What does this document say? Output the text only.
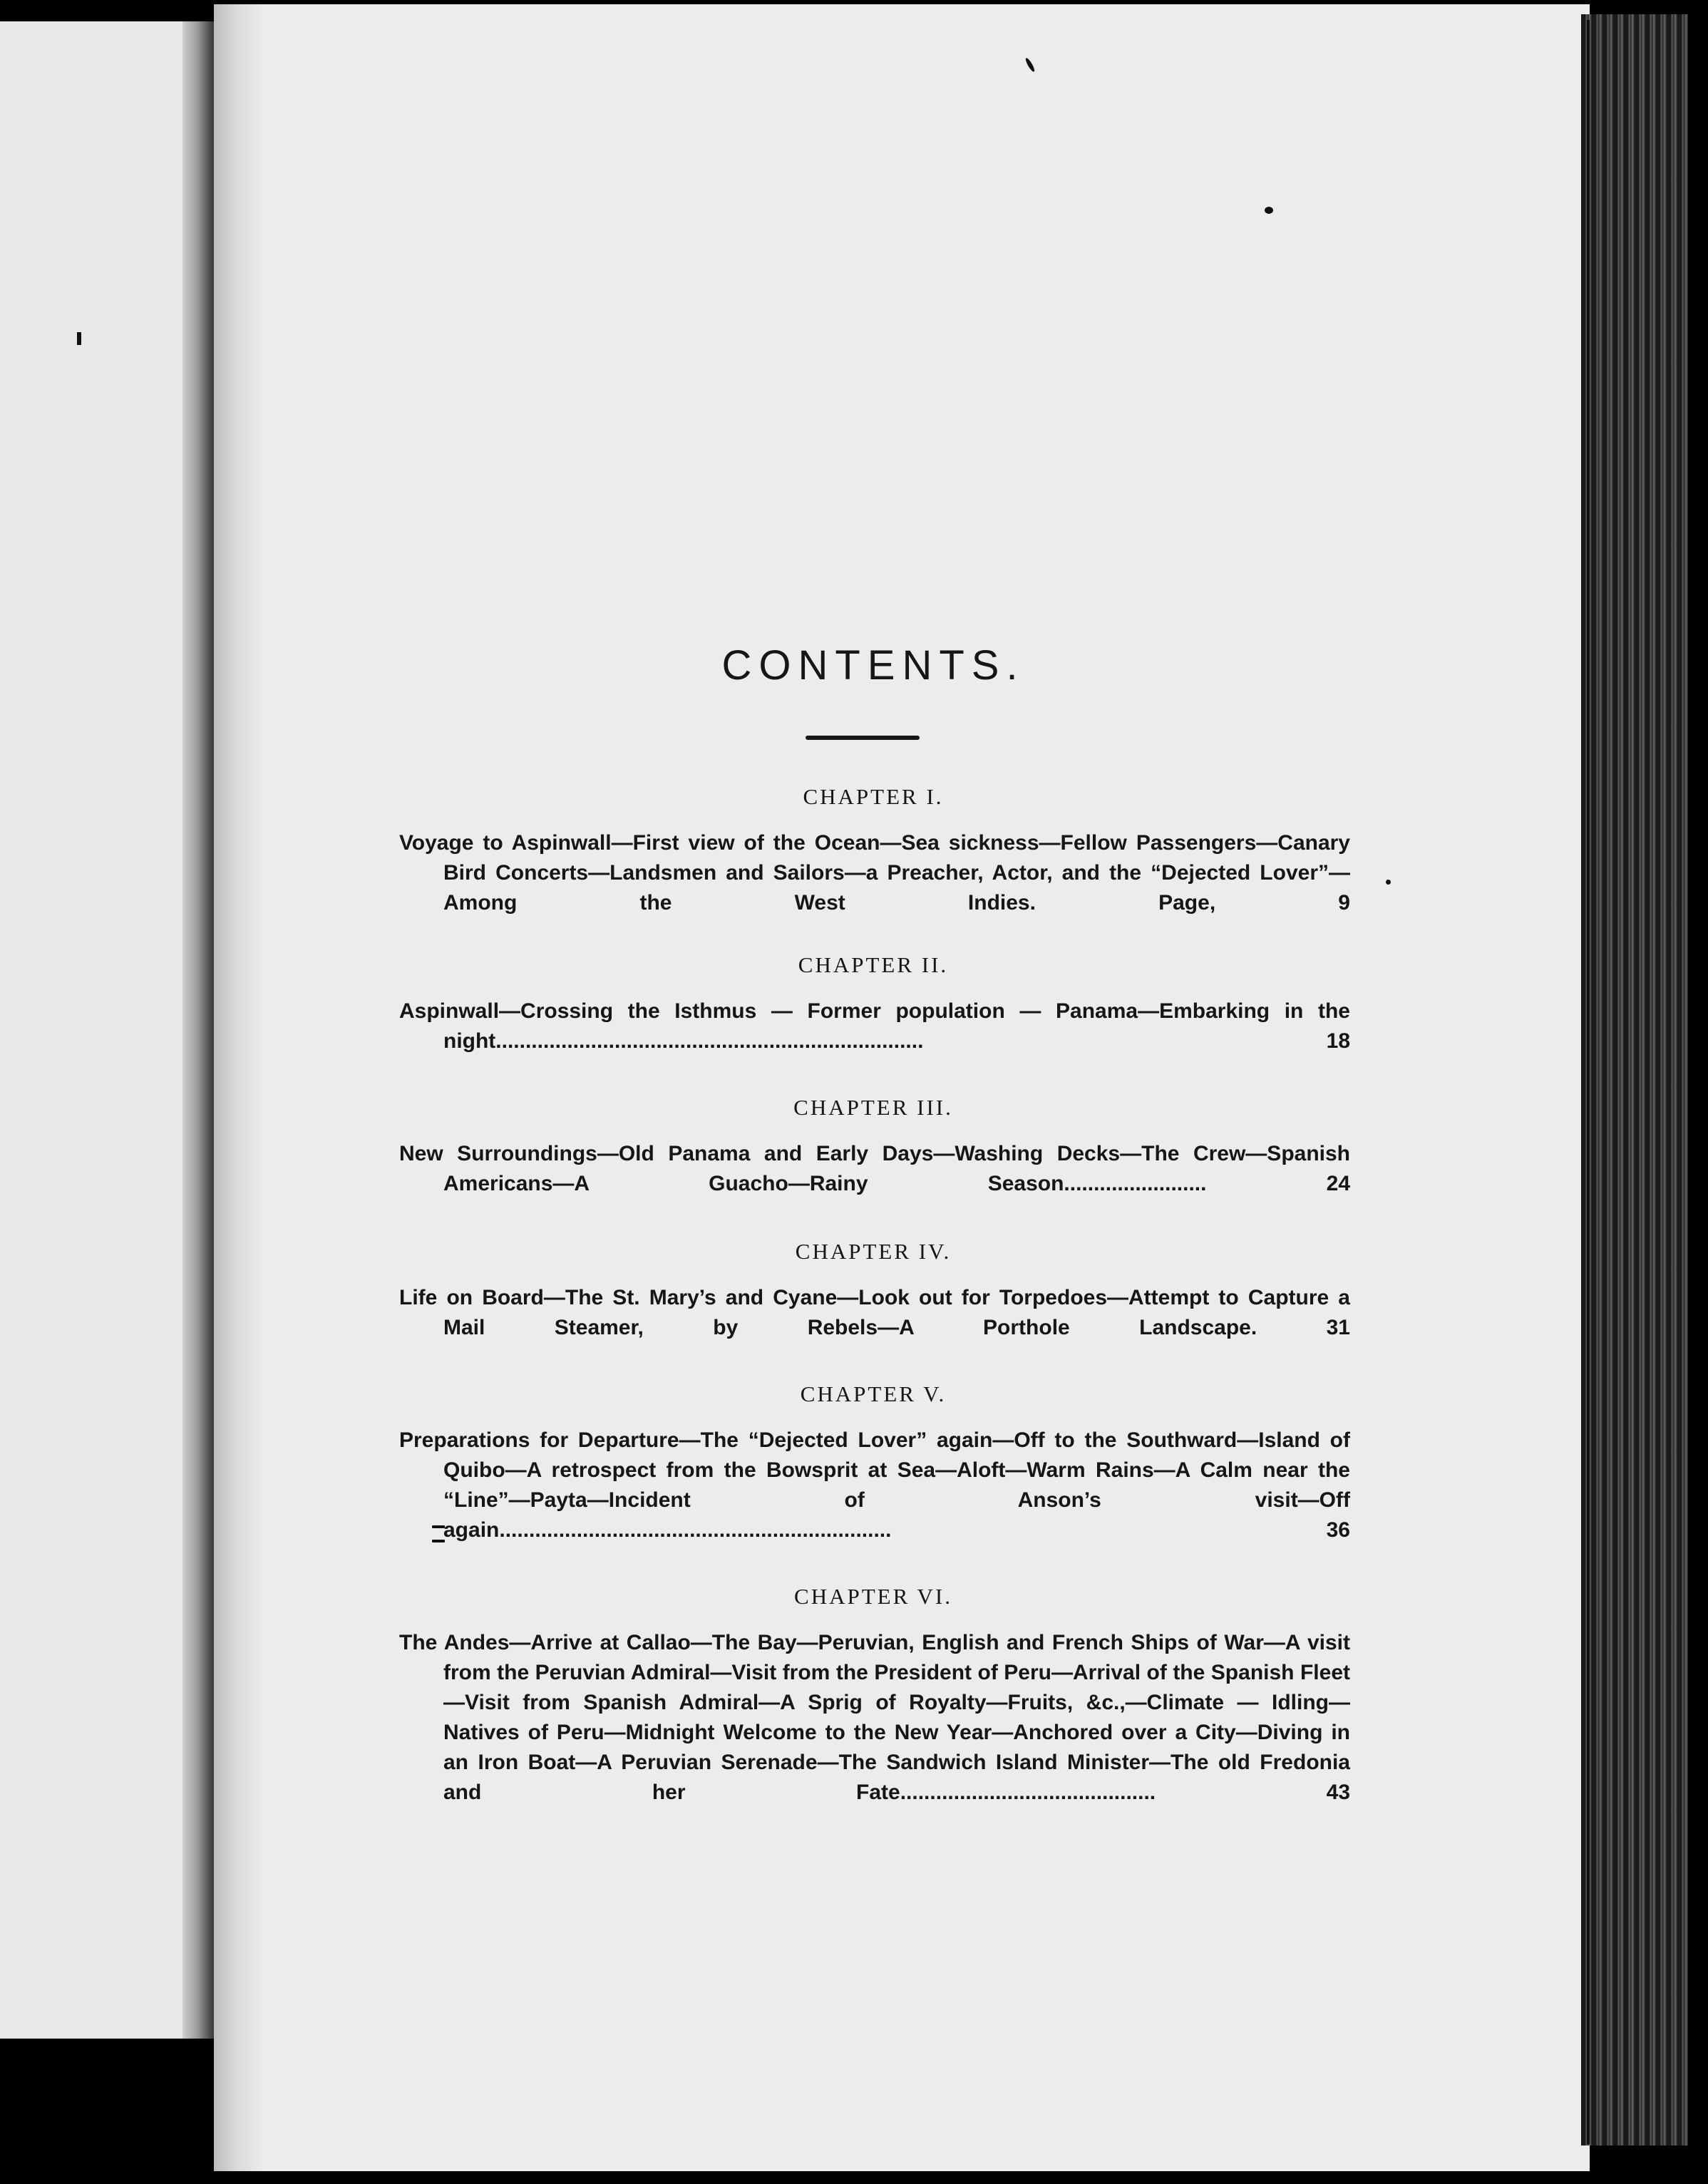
CONTENTS.
CHAPTER I.

Voyage to Aspinwall—First view of the Ocean—Sea sickness—Fellow Passengers—Canary Bird Concerts—Landsmen and Sailors—a Preacher, Actor, and the “Dejected Lover”—Among the West Indies. Page, 9

CHAPTER II.

Aspinwall—Crossing the Isthmus — Former population — Panama—Embarking in the night........................................................................ 18

CHAPTER III.

New Surroundings—Old Panama and Early Days—Washing Decks—The Crew—Spanish Americans—A Guacho—Rainy Season........................ 24

CHAPTER IV.

Life on Board—The St. Mary’s and Cyane—Look out for Torpedoes—Attempt to Capture a Mail Steamer, by Rebels—A Porthole Landscape. 31

CHAPTER V.

Preparations for Departure—The “Dejected Lover” again—Off to the Southward—Island of Quibo—A retrospect from the Bowsprit at Sea—Aloft—Warm Rains—A Calm near the “Line”—Payta—Incident of Anson’s visit—Off again.................................................................. 36

CHAPTER VI.

The Andes—Arrive at Callao—The Bay—Peruvian, English and French Ships of War—A visit from the Peruvian Admiral—Visit from the President of Peru—Arrival of the Spanish Fleet—Visit from Spanish Admiral—A Sprig of Royalty—Fruits, &c.,—Climate — Idling—Natives of Peru—Midnight Welcome to the New Year—Anchored over a City—Diving in an Iron Boat—A Peruvian Serenade—The Sandwich Island Minister—The old Fredonia and her Fate........................................... 43
